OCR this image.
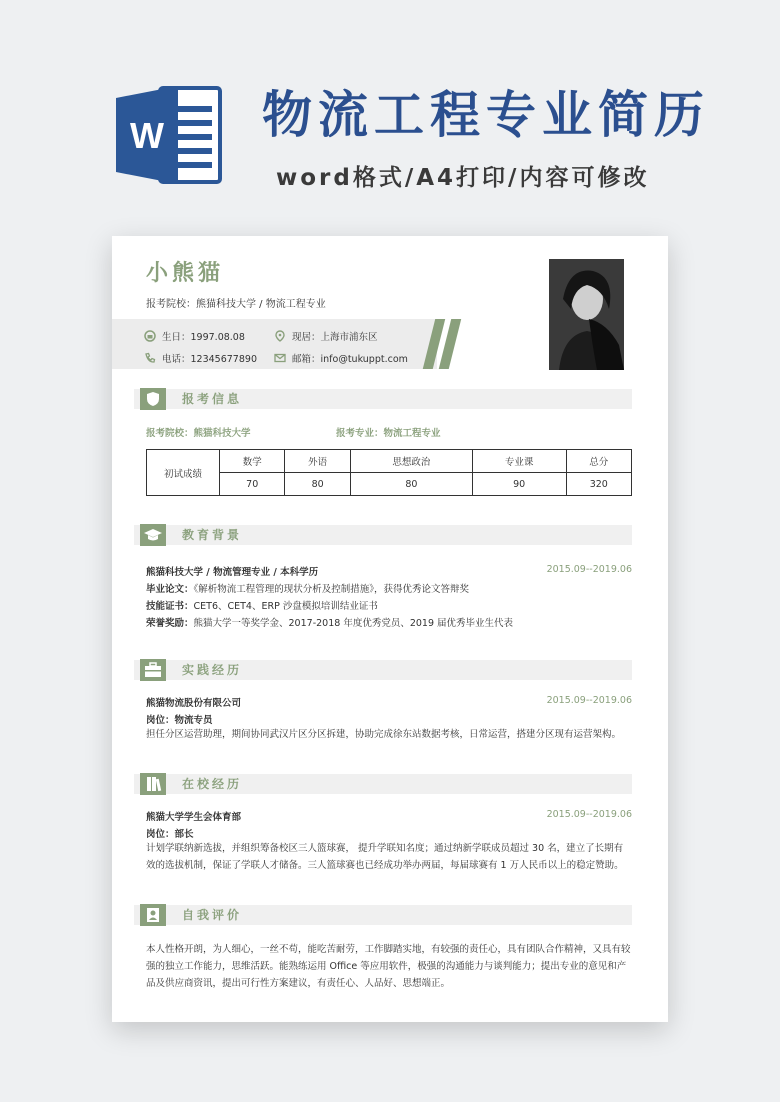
W 物流工程专业简历
word格式/A4打印/内容可修改
小熊猫
报考院校：熊猫科技大学 / 物流工程专业
生日：1997.08.08	现居：上海市浦东区
电话：12345677890	邮箱：info@tukuppt.com
报考信息
报考院校：熊猫科技大学	报考专业：物流工程专业
初试成绩	数学	外语	思想政治	专业课	总分
	70	80	80	90	320
教育背景
熊猫科技大学 / 物流管理专业 / 本科学历	2015.09--2019.06
毕业论文：《解析物流工程管理的现状分析及控制措施》，获得优秀论文答辩奖
技能证书：CET6、CET4、ERP 沙盘模拟培训结业证书
荣誉奖励：熊猫大学一等奖学金、2017-2018 年度优秀党员、2019 届优秀毕业生代表
实践经历
熊猫物流股份有限公司	2015.09--2019.06
岗位：物流专员
担任分区运营助理，期间协同武汉片区分区拆建，协助完成徐东站数据考核，日常运营，搭建分区现有运营架构。
在校经历
熊猫大学学生会体育部	2015.09--2019.06
岗位：部长
计划学联纳新选拔，并组织筹备校区三人篮球赛， 提升学联知名度；通过纳新学联成员超过 30 名，建立了长期有效的选拔机制，保证了学联人才储备。三人篮球赛也已经成功举办两届，每届球赛有 1 万人民币以上的稳定赞助。
自我评价
本人性格开朗，为人细心，一丝不苟，能吃苦耐劳，工作脚踏实地，有较强的责任心，具有团队合作精神，又具有较强的独立工作能力，思维活跃。能熟练运用 Office 等应用软件，极强的沟通能力与谈判能力；提出专业的意见和产品及供应商资讯，提出可行性方案建议，有责任心、人品好、思想端正。
